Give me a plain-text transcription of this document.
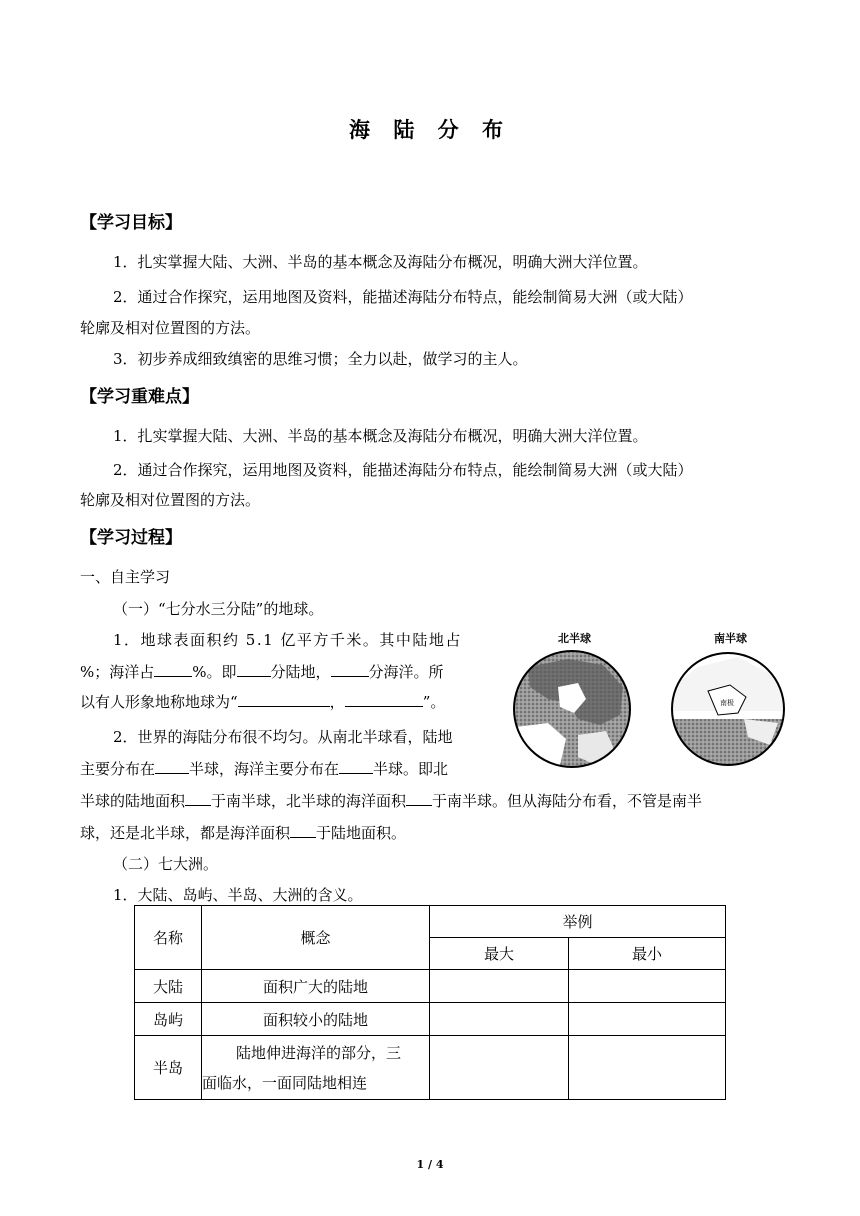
海 陆 分 布
【学习目标】
1．扎实掌握大陆、大洲、半岛的基本概念及海陆分布概况，明确大洲大洋位置。
2．通过合作探究，运用地图及资料，能描述海陆分布特点，能绘制简易大洲（或大陆）
轮廓及相对位置图的方法。
3．初步养成细致缜密的思维习惯；全力以赴，做学习的主人。
【学习重难点】
1．扎实掌握大陆、大洲、半岛的基本概念及海陆分布概况，明确大洲大洋位置。
2．通过合作探究，运用地图及资料，能描述海陆分布特点，能绘制简易大洲（或大陆）
轮廓及相对位置图的方法。
【学习过程】
一、自主学习
（一）“七分水三分陆”的地球。
1．地球表面积约 5.1 亿平方千米。其中陆地占
%；海洋占	%。即 分陆地，	分海洋。所
以有人形象地称地球为“	，	”。
2．世界的海陆分布很不均匀。从南北半球看，陆地
主要分布在 半球，海洋主要分布在 半球。即北
半球的陆地面积 于南半球，北半球的海洋面积 于南半球。但从海陆分布看，不管是南半
球，还是北半球，都是海洋面积 于陆地面积。
（二）七大洲。
1．大陆、岛屿、半岛、大洲的含义。
北半球	南半球
南极
名称	概念	举例	
		最大	最小
大陆	面积广大的陆地		
岛屿	面积较小的陆地		
半岛	陆地伸进海洋的部分，三
面临水，一面同陆地相连		

1 / 4
